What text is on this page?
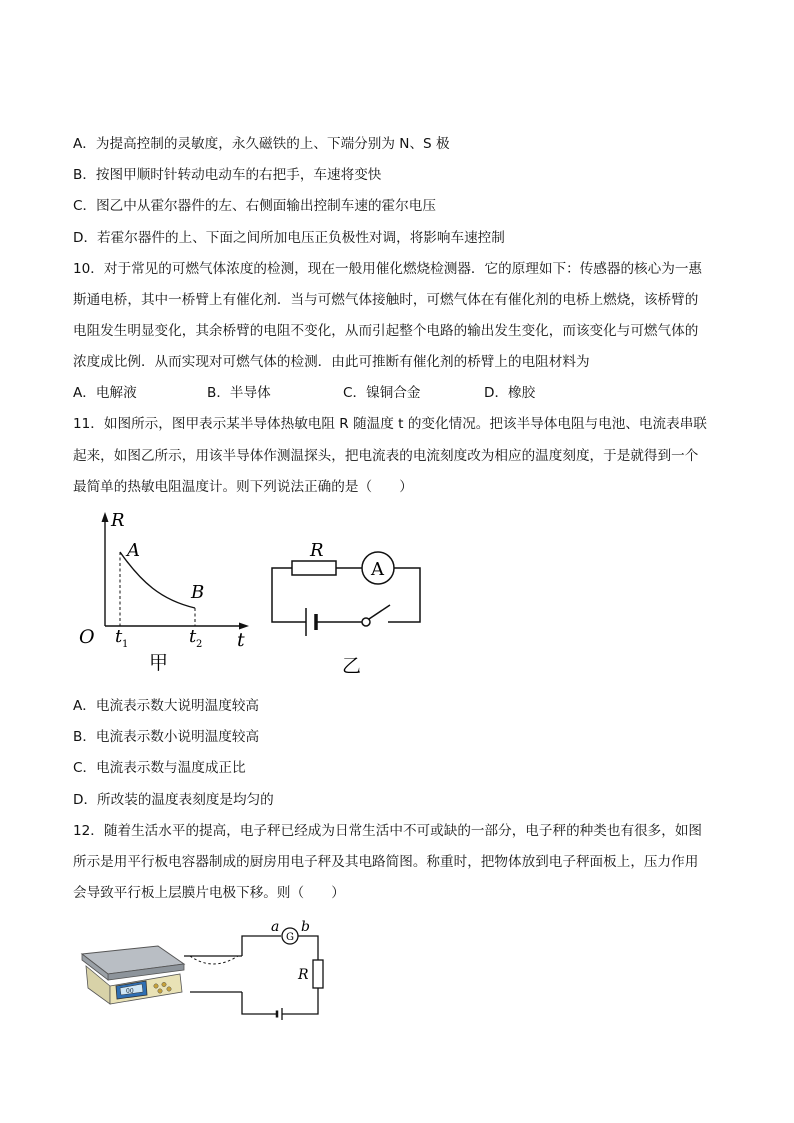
A．为提高控制的灵敏度，永久磁铁的上、下端分别为 N、S 极
B．按图甲顺时针转动电动车的右把手，车速将变快
C．图乙中从霍尔器件的左、右侧面输出控制车速的霍尔电压
D．若霍尔器件的上、下面之间所加电压正负极性对调，将影响车速控制
10．对于常见的可燃气体浓度的检测，现在一般用催化燃烧检测器．它的原理如下：传感器的核心为一惠
斯通电桥，其中一桥臂上有催化剂．当与可燃气体接触时，可燃气体在有催化剂的电桥上燃烧，该桥臂的
电阻发生明显变化，其余桥臂的电阻不变化，从而引起整个电路的输出发生变化，而该变化与可燃气体的
浓度成比例．从而实现对可燃气体的检测．由此可推断有催化剂的桥臂上的电阻材料为
A．电解液	B．半导体	C．镍铜合金	D．橡胶
11．如图所示，图甲表示某半导体热敏电阻 R 随温度 t 的变化情况。把该半导体电阻与电池、电流表串联
起来，如图乙所示，用该半导体作测温探头，把电流表的电流刻度改为相应的温度刻度，于是就得到一个
最简单的热敏电阻温度计。则下列说法正确的是（　　）
R
A
B
O t 1	t 2 t
甲
R
A
乙
A．电流表示数大说明温度较高
B．电流表示数小说明温度较高
C．电流表示数与温度成正比
D．所改装的温度表刻度是均匀的
12．随着生活水平的提高，电子秤已经成为日常生活中不可或缺的一部分，电子秤的种类也有很多，如图
所示是用平行板电容器制成的厨房用电子秤及其电路简图。称重时，把物体放到电子秤面板上，压力作用
会导致平行板上层膜片电极下移。则（　　）
00
G
a b
R
